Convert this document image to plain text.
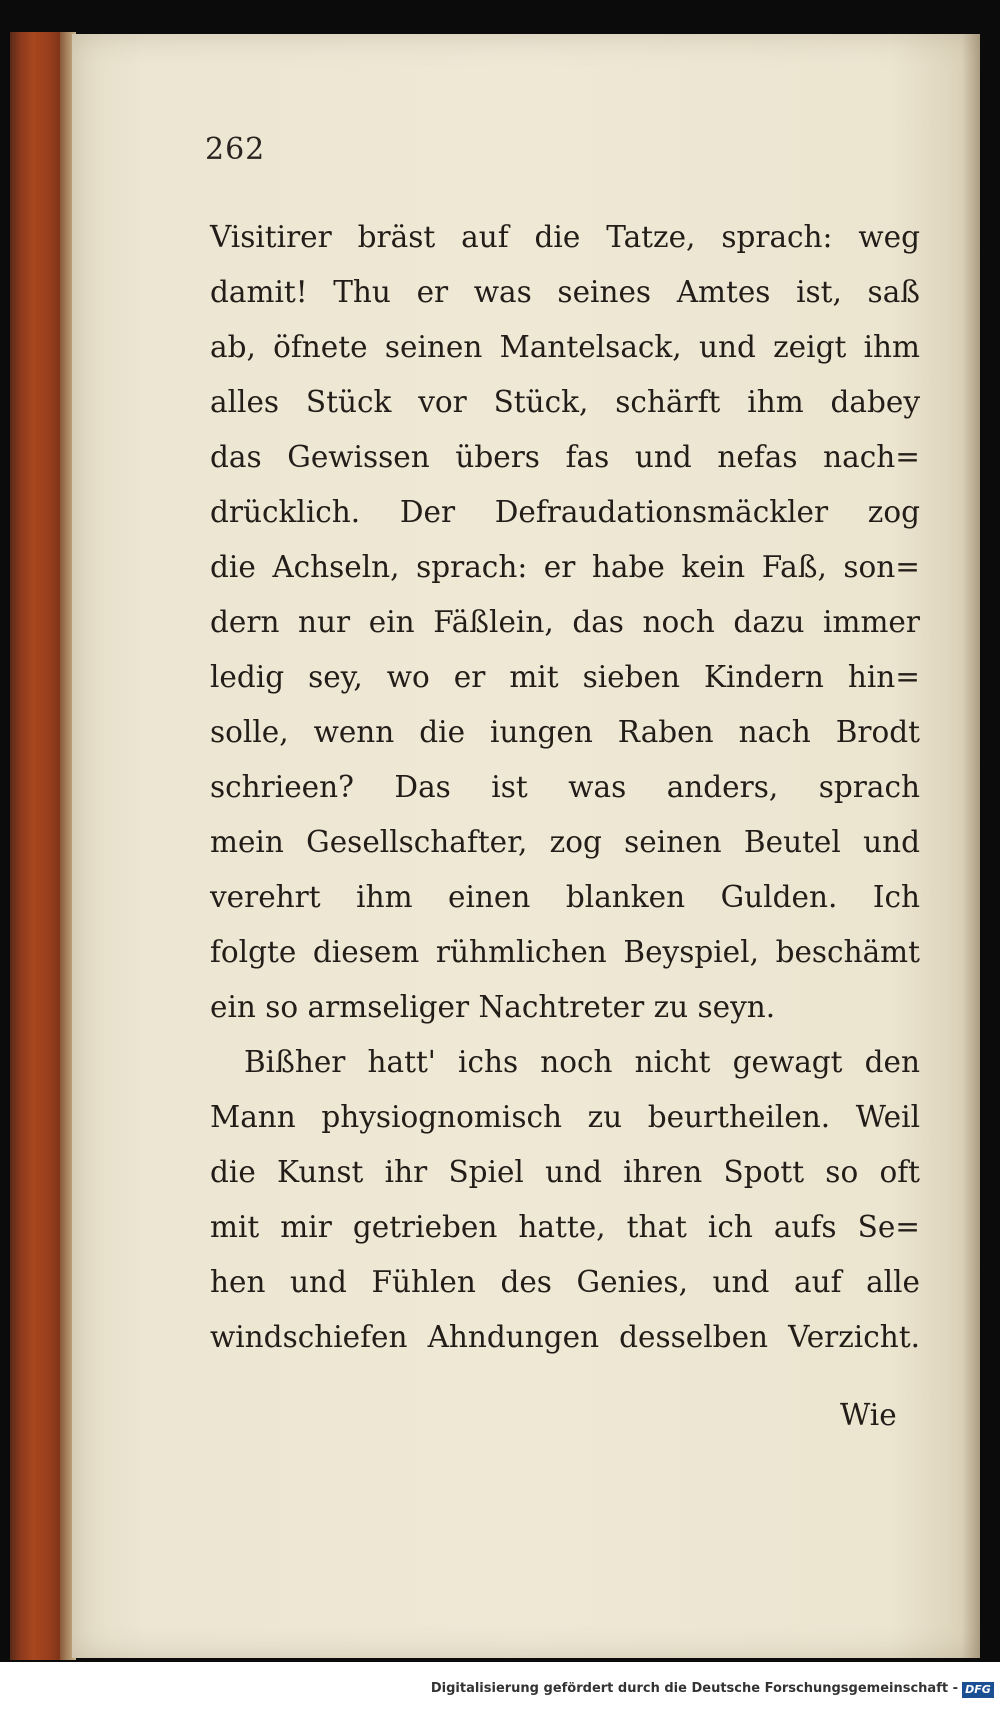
262
Visitirer bräst auf die Tatze, sprach: weg
damit! Thu er was seines Amtes ist, saß
ab, öfnete seinen Mantelsack, und zeigt ihm
alles Stück vor Stück, schärft ihm dabey
das Gewissen übers fas und nefas nach=
drücklich. Der Defraudationsmäckler zog
die Achseln, sprach: er habe kein Faß, son=
dern nur ein Fäßlein, das noch dazu immer
ledig sey, wo er mit sieben Kindern hin=
solle, wenn die iungen Raben nach Brodt
schrieen? Das ist was anders, sprach
mein Gesellschafter, zog seinen Beutel und
verehrt ihm einen blanken Gulden. Ich
folgte diesem rühmlichen Beyspiel, beschämt
ein so armseliger Nachtreter zu seyn.
Bißher hatt' ichs noch nicht gewagt den
Mann physiognomisch zu beurtheilen. Weil
die Kunst ihr Spiel und ihren Spott so oft
mit mir getrieben hatte, that ich aufs Se=
hen und Fühlen des Genies, und auf alle
windschiefen Ahndungen desselben Verzicht.
Wie
Digitalisierung gefördert durch die Deutsche Forschungsgemeinschaft - DFG
